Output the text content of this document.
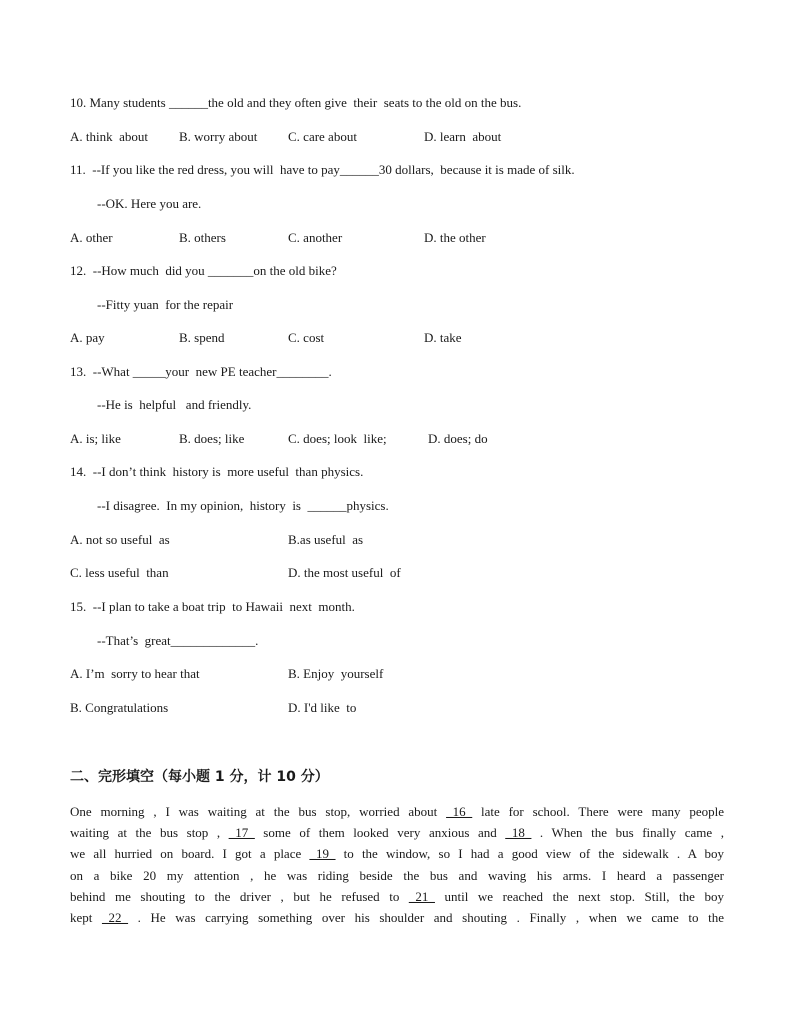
10. Many students ______the old and they often give  their  seats to the old on the bus.
A. think  about B. worry about C. care about	D. learn  about
11.  --If you like the red dress, you will  have to pay______30 dollars,  because it is made of silk.
--OK. Here you are.
A. other	B. others	C. another	D. the other
12.  --How much  did you _______on the old bike?
--Fitty yuan  for the repair
A. pay	B. spend	C. cost	D. take
13.  --What _____your  new PE teacher________.
--He is  helpful   and friendly.
A. is; like	B. does; like	C. does; look  like;	D. does; do
14.  --I don’t think  history is  more useful  than physics.
--I disagree.  In my opinion,  history  is  ______physics.
A. not so useful  as	B.as useful  as
C. less useful  than	D. the most useful  of
15.  --I plan to take a boat trip  to Hawaii  next  month.
--That’s  great_____________.
A. I’m  sorry to hear that	B. Enjoy  yourself
B. Congratulations	D. I'd like  to
二、完形填空（每小题 1 分，计 10 分）
One morning , I was waiting at the bus stop, worried about _16_ late for school. There were many people
waiting at the bus stop , _17_ some of them looked very anxious and _18_ . When the bus finally came ,
we all hurried on board. I got a place _19_ to the window, so I had a good view of the sidewalk . A boy
on a bike 20 my attention , he was riding beside the bus and waving his arms. I heard a passenger
behind me shouting to the driver , but he refused to _21_ until we reached the next stop. Still, the boy
kept _22_ . He was carrying something over his shoulder and shouting . Finally , when we came to the
